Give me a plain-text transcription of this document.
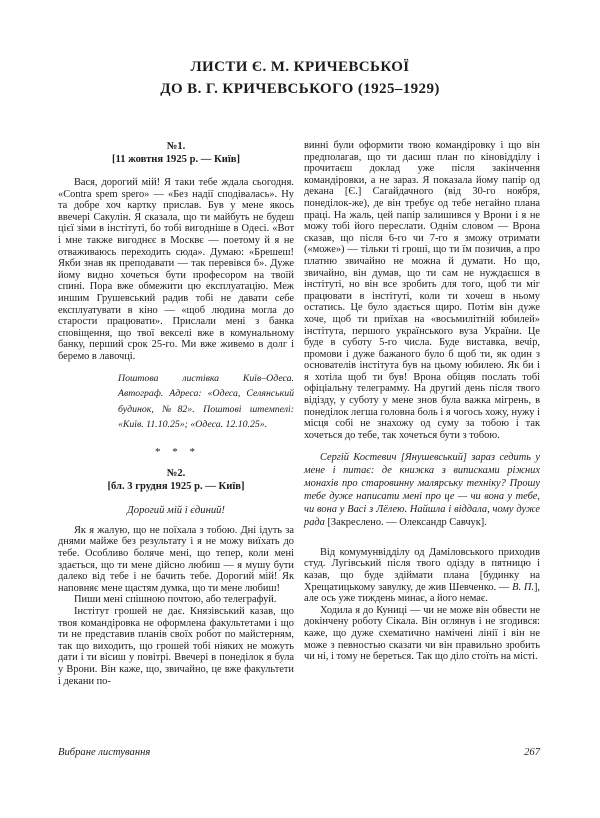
ЛИСТИ Є. М. КРИЧЕВСЬКОЇ
ДО В. Г. КРИЧЕВСЬКОГО (1925–1929)

№1.

[11 жовтня 1925 р. — Київ]

Вася, дорогий мій! Я таки тебе ждала сьогодня. «Contra spem spero» — «Без надії сподівалась». Ну та добре хоч картку прислав. Був у мене якось ввечері Сакулін. Я сказала, що ти майбуть не будеш цієї зіми в інстітуті, бо тобі вигодніше в Одесі. «Вот і мне также вигоднєє в Москвє — поетому й я не отваживаюсь переходить сюда». Думаю: «Брешеш! Якби знав як преподавати — так перевівся б». Дуже йому видно хочеться бути професором на твоїй спині. Пора вже обмежити цю експлуатацію. Меж иншим Грушевський радив тобі не давати себе експлуатувати в кіно — «щоб людина могла до старости працювати». Прислали мені з банка сповіщення, що твої векселі вже в комунальному банку, перший срок 25-го. Ми вже живемо в долг і беремо в лавочці.

Поштова листівка Київ–Одеса. Автограф. Адреса: «Одеса, Селянський будинок, №82». Поштові штемпелі: «Київ. 11.10.25»; «Одеса. 12.10.25».

* * *

№2.

[бл. 3 грудня 1925 р. — Київ]

Дорогий мій і єдиний!

Як я жалую, що не поїхала з тобою. Дні ідуть за днями майже без результату і я не можу виїхать до тебе. Особливо боляче мені, що тепер, коли мені здається, що ти мене дійсно любиш — я мушу бути далеко від тебе і не бачить тебе. Дорогий мій! Як наповняє мене щастям думка, що ти мене любиш!

Пиши мені спішною почтою, або телеграфуй.

Інстітут грошей не дає. Князівський казав, що твоя командіровка не оформлена факультетами і що ти не представив планів своїх робот по майстерням, так що виходить, що грошей тобі ніяких не можуть дати і ти вісиш у повітрі. Ввечері в понеділок я була у Врони. Він каже, що, звичайно, це вже факультети і декани по-

винні були оформити твою командіровку і що він предполагав, що ти дасиш план по кіновідділу і прочитаєш доклад уже після закінчення командіровки, а не зараз. Я показала йому папір од декана [Є.] Сагайдачного (від 30-го ноября, понеділок-же), де він требує од тебе негайно плана праці. На жаль, цей папір залишився у Врони і я не можу тобі його переслати. Однім словом — Врона сказав, що після 6-го чи 7-го я зможу отримати («може») — тільки ті гроші, що ти їм позичив, а про платню звичайно не можна й думати. Но що, звичайно, він думав, що ти сам не нуждаєшся в інстітуті, но він все зробить для того, щоб ти міг працювати в інстітуті, коли ти хочеш в ньому остатись. Це було здається щиро. Потім він дуже хоче, щоб ти приїхав на «восьмилітній юбилей» інстітута, першого українського вуза України. Це буде в суботу 5-го числа. Буде виставка, вечір, промови і дуже бажаного було б щоб ти, як один з основателів інстітута був на цьому юбилею. Як би і я хотіла щоб ти був! Врона обіцяв послать тобі офіціальну телеграмму. На другий день після твого відізду, у суботу у мене знов була важка мігрень, в понеділок легша головна боль і я чогось хожу, нужу і місця собі не знахожу од суму за тобою і так хочеться до тебе, так хочеться бути з тобою.

Сергій Костевич [Янушевський] зараз седить у мене і питає: де книжка з виписками ріжних монахів про старовинну малярську техніку? Прошу тебе дуже написати мені про це — чи вона у тебе, чи вона у Васі з Лёлею. Найшла і віддала, чому дуже рада [Закреслено. — Олександр Савчук].

Від комумунвідділу од Даміловського приходив студ. Лугівський після твого одізду в пятницю і казав, що буде здіймати плана [будинку на Хрещатицькому завулку, де жив Шевченко. — В. П.], але ось уже тиждень минає, а його немає.

Ходила я до Куниці — чи не може він обвести не докінчену роботу Сікала. Він оглянув і не згодився: каже, що дуже схематично намічені лінії і він не може з певностью сказати чи він правильно зробить чи ні, і тому не береться. Так що діло стоїть на місті.

Вибране листування	267
